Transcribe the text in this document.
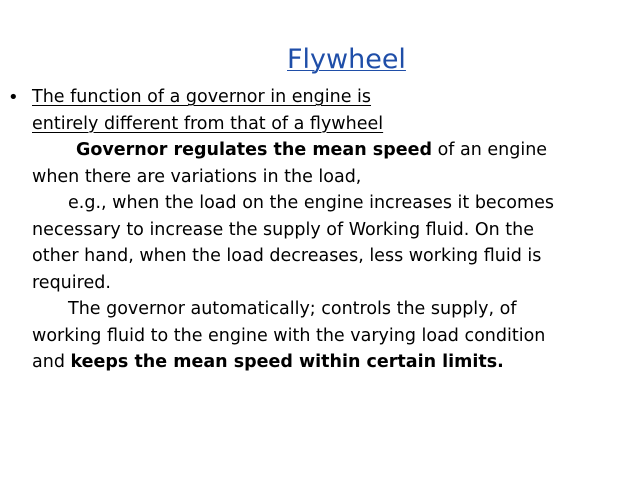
Flywheel
• The function of a governor in engine is
entirely different from that of a flywheel
Governor regulates the mean speed of an engine
when there are variations in the load,
e.g., when the load on the engine increases it becomes
necessary to increase the supply of Working fluid. On the
other hand, when the load decreases, less working fluid is
required.
The governor automatically; controls the supply, of
working fluid to the engine with the varying load condition
and keeps the mean speed within certain limits.
